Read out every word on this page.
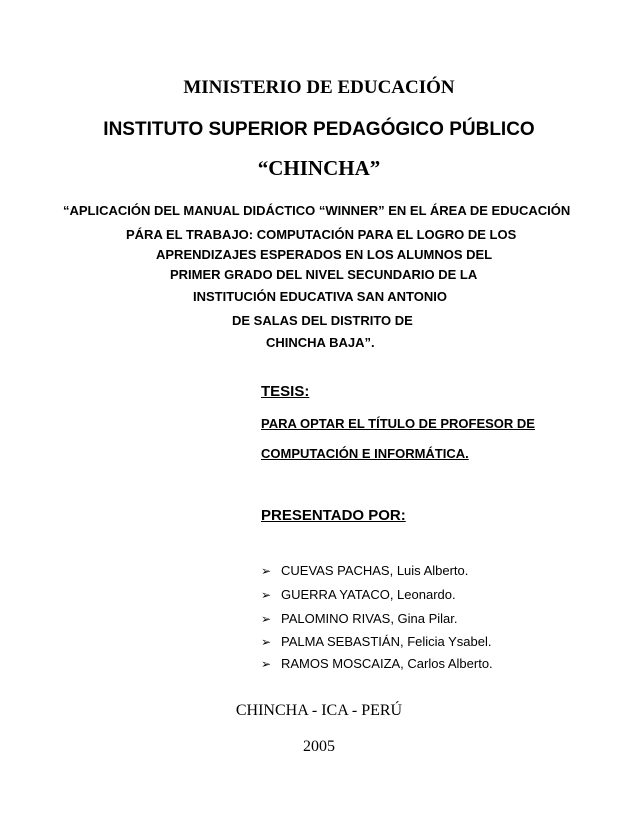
MINISTERIO DE EDUCACIÓN
INSTITUTO SUPERIOR PEDAGÓGICO PÚBLICO
“CHINCHA”
“APLICACIÓN DEL MANUAL DIDÁCTICO “WINNER” EN EL ÁREA DE EDUCACIÓN
PÁRA EL TRABAJO: COMPUTACIÓN PARA EL LOGRO DE LOS
APRENDIZAJES ESPERADOS EN LOS ALUMNOS DEL
PRIMER GRADO DEL NIVEL SECUNDARIO DE LA
INSTITUCIÓN EDUCATIVA SAN ANTONIO
DE SALAS DEL DISTRITO DE
CHINCHA BAJA”.
TESIS:
PARA OPTAR EL TÍTULO DE PROFESOR DE
COMPUTACIÓN E INFORMÁTICA.
PRESENTADO POR:
➢ CUEVAS PACHAS, Luis Alberto.
➢ GUERRA YATACO, Leonardo.
➢ PALOMINO RIVAS, Gina Pilar.
➢ PALMA SEBASTIÁN, Felicia Ysabel.
➢ RAMOS MOSCAIZA, Carlos Alberto.
CHINCHA - ICA - PERÚ
2005
